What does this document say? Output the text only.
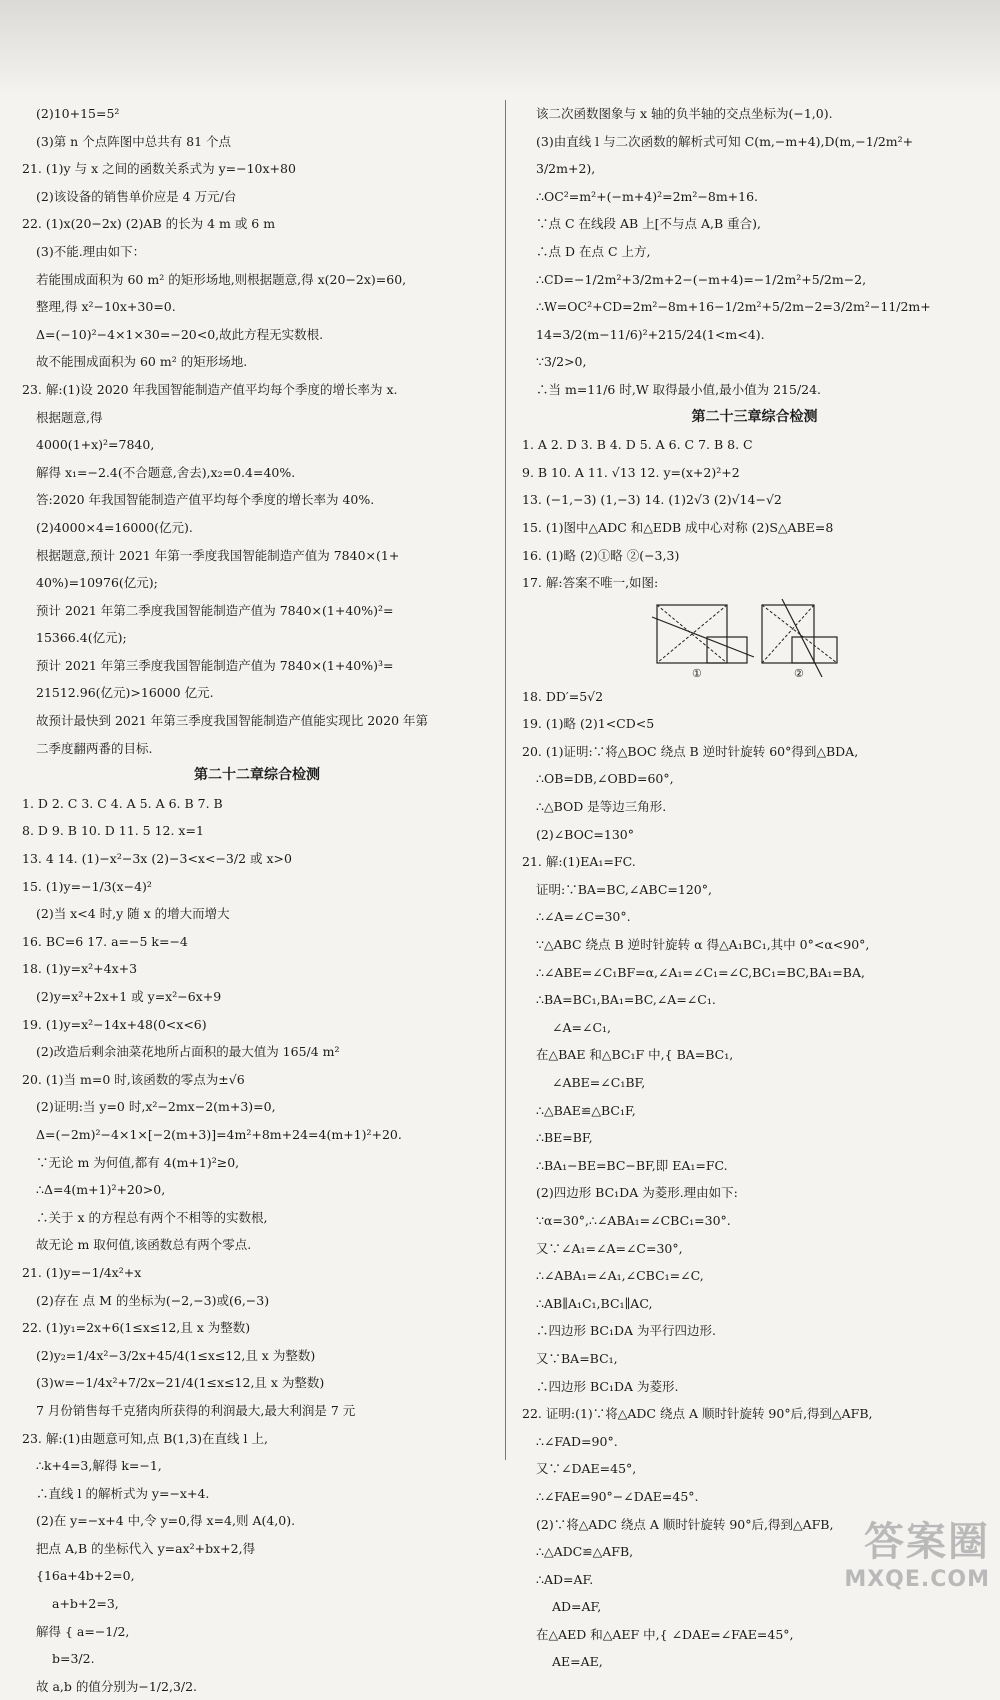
(2)10+15=5²
(3)第 n 个点阵图中总共有 81 个点
21. (1)y 与 x 之间的函数关系式为 y=−10x+80
(2)该设备的销售单价应是 4 万元/台
22. (1)x(20−2x) (2)AB 的长为 4 m 或 6 m
(3)不能.理由如下：
若能围成面积为 60 m² 的矩形场地,则根据题意,得 x(20−2x)=60,
整理,得 x²−10x+30=0.
Δ=(−10)²−4×1×30=−20<0,故此方程无实数根.
故不能围成面积为 60 m² 的矩形场地.
23. 解:(1)设 2020 年我国智能制造产值平均每个季度的增长率为 x.
根据题意,得
4000(1+x)²=7840,
解得 x₁=−2.4(不合题意,舍去),x₂=0.4=40%.
答:2020 年我国智能制造产值平均每个季度的增长率为 40%.
(2)4000×4=16000(亿元).
根据题意,预计 2021 年第一季度我国智能制造产值为 7840×(1+
40%)=10976(亿元);
预计 2021 年第二季度我国智能制造产值为 7840×(1+40%)²=
15366.4(亿元);
预计 2021 年第三季度我国智能制造产值为 7840×(1+40%)³=
21512.96(亿元)>16000 亿元.
故预计最快到 2021 年第三季度我国智能制造产值能实现比 2020 年第
二季度翻两番的目标.
第二十二章综合检测
1. D 2. C 3. C 4. A 5. A 6. B 7. B
8. D 9. B 10. D 11. 5 12. x=1
13. 4 14. (1)−x²−3x (2)−3<x<−3/2 或 x>0
15. (1)y=−1/3(x−4)²
(2)当 x<4 时,y 随 x 的增大而增大
16. BC=6 17. a=−5 k=−4
18. (1)y=x²+4x+3
(2)y=x²+2x+1 或 y=x²−6x+9
19. (1)y=x²−14x+48(0<x<6)
(2)改造后剩余油菜花地所占面积的最大值为 165/4 m²
20. (1)当 m=0 时,该函数的零点为±√6
(2)证明:当 y=0 时,x²−2mx−2(m+3)=0,
Δ=(−2m)²−4×1×[−2(m+3)]=4m²+8m+24=4(m+1)²+20.
∵无论 m 为何值,都有 4(m+1)²≥0,
∴Δ=4(m+1)²+20>0,
∴关于 x 的方程总有两个不相等的实数根,
故无论 m 取何值,该函数总有两个零点.
21. (1)y=−1/4x²+x
(2)存在 点 M 的坐标为(−2,−3)或(6,−3)
22. (1)y₁=2x+6(1≤x≤12,且 x 为整数)
(2)y₂=1/4x²−3/2x+45/4(1≤x≤12,且 x 为整数)
(3)w=−1/4x²+7/2x−21/4(1≤x≤12,且 x 为整数)
7 月份销售每千克猪肉所获得的利润最大,最大利润是 7 元
23. 解:(1)由题意可知,点 B(1,3)在直线 l 上,
∴k+4=3,解得 k=−1,
∴直线 l 的解析式为 y=−x+4.
(2)在 y=−x+4 中,令 y=0,得 x=4,则 A(4,0).
把点 A,B 的坐标代入 y=ax²+bx+2,得
{16a+4b+2=0,
a+b+2=3,
解得 { a=−1/2,
b=3/2.
故 a,b 的值分别为−1/2,3/2.
该二次函数图象与 x 轴的负半轴的交点坐标为(−1,0).
(3)由直线 l 与二次函数的解析式可知 C(m,−m+4),D(m,−1/2m²+
3/2m+2),
∴OC²=m²+(−m+4)²=2m²−8m+16.
∵点 C 在线段 AB 上[不与点 A,B 重合),
∴点 D 在点 C 上方,
∴CD=−1/2m²+3/2m+2−(−m+4)=−1/2m²+5/2m−2,
∴W=OC²+CD=2m²−8m+16−1/2m²+5/2m−2=3/2m²−11/2m+
14=3/2(m−11/6)²+215/24(1<m<4).
∵3/2>0,
∴当 m=11/6 时,W 取得最小值,最小值为 215/24.
第二十三章综合检测
1. A 2. D 3. B 4. D 5. A 6. C 7. B 8. C
9. B 10. A 11. √13 12. y=(x+2)²+2
13. (−1,−3) (1,−3) 14. (1)2√3 (2)√14−√2
15. (1)图中△ADC 和△EDB 成中心对称 (2)S△ABE=8
16. (1)略 (2)①略 ②(−3,3)
17. 解:答案不唯一,如图:
①	②
18. DD′=5√2
19. (1)略 (2)1<CD<5
20. (1)证明:∵将△BOC 绕点 B 逆时针旋转 60°得到△BDA,
∴OB=DB,∠OBD=60°,
∴△BOD 是等边三角形.
(2)∠BOC=130°
21. 解:(1)EA₁=FC.
证明:∵BA=BC,∠ABC=120°,
∴∠A=∠C=30°.
∵△ABC 绕点 B 逆时针旋转 α 得△A₁BC₁,其中 0°<α<90°,
∴∠ABE=∠C₁BF=α,∠A₁=∠C₁=∠C,BC₁=BC,BA₁=BA,
∴BA=BC₁,BA₁=BC,∠A=∠C₁.
∠A=∠C₁,
在△BAE 和△BC₁F 中,{ BA=BC₁,
∠ABE=∠C₁BF,
∴△BAE≌△BC₁F,
∴BE=BF,
∴BA₁−BE=BC−BF,即 EA₁=FC.
(2)四边形 BC₁DA 为菱形.理由如下:
∵α=30°,∴∠ABA₁=∠CBC₁=30°.
又∵∠A₁=∠A=∠C=30°,
∴∠ABA₁=∠A₁,∠CBC₁=∠C,
∴AB∥A₁C₁,BC₁∥AC,
∴四边形 BC₁DA 为平行四边形.
又∵BA=BC₁,
∴四边形 BC₁DA 为菱形.
22. 证明:(1)∵将△ADC 绕点 A 顺时针旋转 90°后,得到△AFB,
∴∠FAD=90°.
又∵∠DAE=45°,
∴∠FAE=90°−∠DAE=45°.
(2)∵将△ADC 绕点 A 顺时针旋转 90°后,得到△AFB,
∴△ADC≌△AFB,
∴AD=AF.
AD=AF,
在△AED 和△AEF 中,{ ∠DAE=∠FAE=45°,
AE=AE,
答案圈
MXQE.COM
